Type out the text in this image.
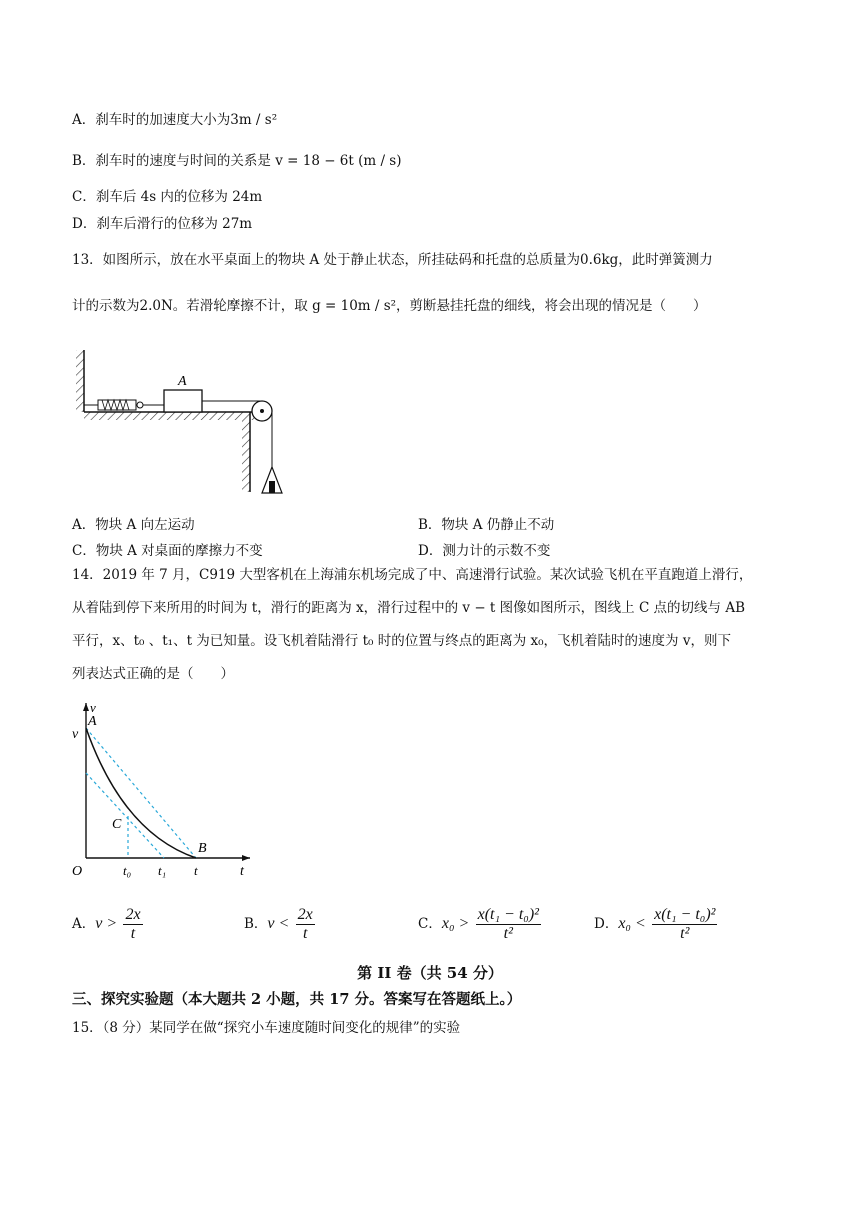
A．刹车时的加速度大小为3m / s²
B．刹车时的速度与时间的关系是 v = 18 − 6t (m / s)
C．刹车后 4s 内的位移为 24m
D．刹车后滑行的位移为 27m
13．如图所示，放在水平桌面上的物块 A 处于静止状态，所挂砝码和托盘的总质量为0.6kg，此时弹簧测力
计的示数为2.0N。若滑轮摩擦不计，取 g = 10m / s²，剪断悬挂托盘的细线，将会出现的情况是（　　）
A
A．物块 A 向左运动	B．物块 A 仍静止不动
C．物块 A 对桌面的摩擦力不变	D．测力计的示数不变
14．2019 年 7 月，C919 大型客机在上海浦东机场完成了中、高速滑行试验。某次试验飞机在平直跑道上滑行，
从着陆到停下来所用的时间为 t，滑行的距离为 x，滑行过程中的 v − t 图像如图所示，图线上 C 点的切线与 AB
平行，x、t₀ 、t₁、t 为已知量。设飞机着陆滑行 t₀ 时的位置与终点的距离为 x₀，飞机着陆时的速度为 v，则下
列表达式正确的是（　　）
v
A
v
C
B
O	t₀ t₁ t	t
A．$v > \frac{2x}{t}$	B．$v < \frac{2x}{t}$	C．$x_0 > \frac{\text{x(t₁ − t₀)²}}{\text{t²}}$	D．$x_0 < \frac{\text{x(t₁ − t₀)²}}{\text{t²}}$
第 II 卷（共 54 分）
三、探究实验题（本大题共 2 小题，共 17 分。答案写在答题纸上。）
15．（8 分）某同学在做“探究小车速度随时间变化的规律”的实验
